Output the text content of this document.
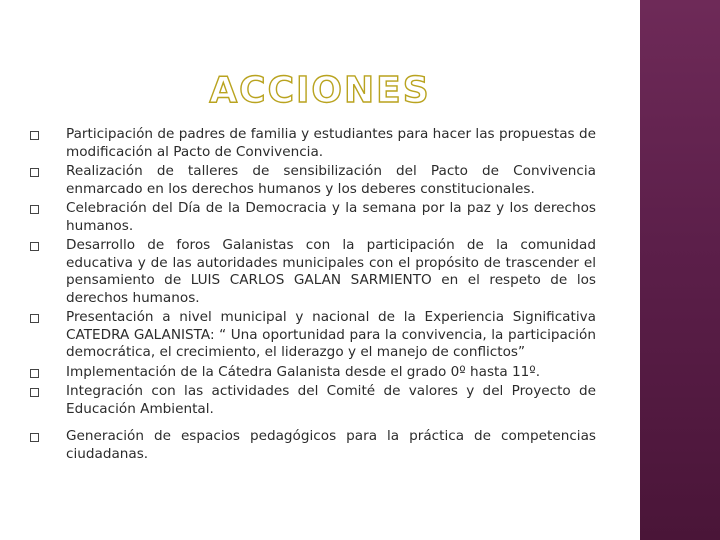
ACCIONES
Participación de padres de familia y estudiantes para hacer las propuestas de modificación al Pacto de Convivencia.
Realización de talleres de sensibilización del Pacto de Convivencia enmarcado en los derechos humanos y los deberes constitucionales.
Celebración del Día de la Democracia y la semana por la paz y los derechos humanos.
Desarrollo de foros Galanistas con la participación de la comunidad educativa y de las autoridades municipales con el propósito de trascender el pensamiento de LUIS CARLOS GALAN SARMIENTO en el respeto de los derechos humanos.
Presentación a nivel municipal y nacional de la Experiencia Significativa CATEDRA GALANISTA: “ Una oportunidad para la convivencia, la participación democrática, el crecimiento, el liderazgo y el manejo de conflictos”
Implementación de la Cátedra Galanista desde el grado 0º hasta 11º.
Integración con las actividades del Comité de valores y del Proyecto de Educación Ambiental.
Generación de espacios pedagógicos para la práctica de competencias ciudadanas.
